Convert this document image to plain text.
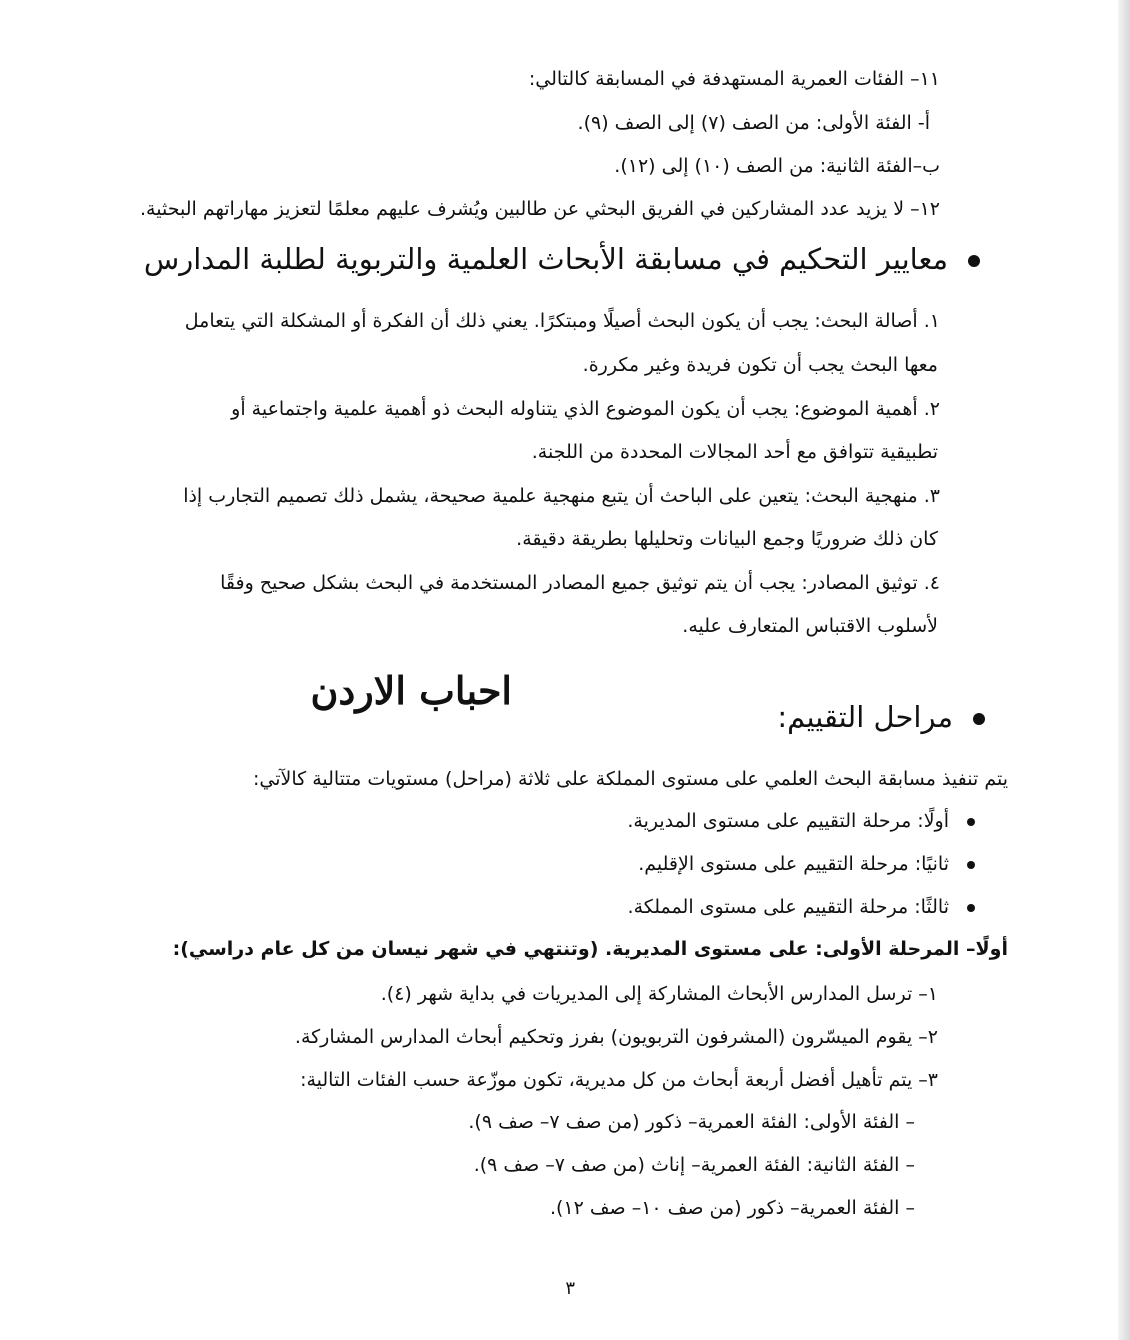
١١– الفئات العمرية المستهدفة في المسابقة كالتالي:
أ- الفئة الأولى: من الصف (٧) إلى الصف (٩).
ب–الفئة الثانية: من الصف (١٠) إلى (١٢).
١٢– لا يزيد عدد المشاركين في الفريق البحثي عن طالبين ويُشرف عليهم معلمًا لتعزيز مهاراتهم البحثية.
معايير التحكيم في مسابقة الأبحاث العلمية والتربوية لطلبة المدارس
١. أصالة البحث: يجب أن يكون البحث أصيلًا ومبتكرًا. يعني ذلك أن الفكرة أو المشكلة التي يتعامل
معها البحث يجب أن تكون فريدة وغير مكررة.
٢. أهمية الموضوع: يجب أن يكون الموضوع الذي يتناوله البحث ذو أهمية علمية واجتماعية أو
تطبيقية تتوافق مع أحد المجالات المحددة من اللجنة.
٣. منهجية البحث: يتعين على الباحث أن يتبع منهجية علمية صحيحة، يشمل ذلك تصميم التجارب إذا
كان ذلك ضروريًا وجمع البيانات وتحليلها بطريقة دقيقة.
٤. توثيق المصادر: يجب أن يتم توثيق جميع المصادر المستخدمة في البحث بشكل صحيح وفقًا
لأسلوب الاقتباس المتعارف عليه.
احباب الاردن
مراحل التقييم:
يتم تنفيذ مسابقة البحث العلمي على مستوى المملكة على ثلاثة (مراحل) مستويات متتالية كالآتي:
أولًا: مرحلة التقييم على مستوى المديرية.
ثانيًا: مرحلة التقييم على مستوى الإقليم.
ثالثًا: مرحلة التقييم على مستوى المملكة.
أولًا– المرحلة الأولى: على مستوى المديرية. (وتنتهي في شهر نيسان من كل عام دراسي):
١– ترسل المدارس الأبحاث المشاركة إلى المديريات في بداية شهر (٤).
٢– يقوم الميسّرون (المشرفون التربويون) بفرز وتحكيم أبحاث المدارس المشاركة.
٣– يتم تأهيل أفضل أربعة أبحاث من كل مديرية، تكون موزّعة حسب الفئات التالية:
– الفئة الأولى: الفئة العمرية– ذكور (من صف ٧– صف ٩).
– الفئة الثانية: الفئة العمرية– إناث (من صف ٧– صف ٩).
– الفئة العمرية– ذكور (من صف ١٠– صف ١٢).
٣
